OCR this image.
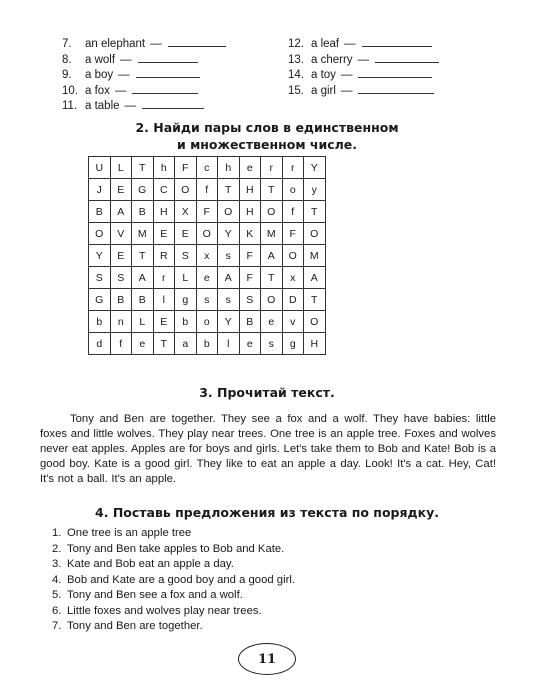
7.	an elephant —
8.	a wolf —
9.	a boy —
10. a fox —
11. a table —
12. a leaf —
13. a cherry —
14. a toy —
15. a girl —
2. Найди пары слов в единственном
и множественном числе.
U	L	T	h	F	c	h	e	r	r	Y
J	E	G	C	O	f	T	H	T	o	y
B	A	B	H	X	F	O	H	O	f	T
O	V	M	E	E	O	Y	K	M	F	O
Y	E	T	R	S	x	s	F	A	O	M
S	S	A	r	L	e	A	F	T	x	A
G	B	B	l	g	s	s	S	O	D	T
b	n	L	E	b	o	Y	B	e	v	O
d	f	e	T	a	b	l	e	s	g	H
3. Прочитай текст.
Tony and Ben are together. They see a fox and a wolf. They have babies: little foxes and little wolves. They play near trees. One tree is an apple tree. Foxes and wolves never eat apples. Apples are for boys and girls. Let's take them to Bob and Kate! Bob is a good boy. Kate is a good girl. They like to eat an apple a day. Look! It's a cat. Hey, Cat! It's not a ball. It's an apple.
4. Поставь предложения из текста по порядку.
1. One tree is an apple tree
2. Tony and Ben take apples to Bob and Kate.
3. Kate and Bob eat an apple a day.
4. Bob and Kate are a good boy and a good girl.
5. Tony and Ben see a fox and a wolf.
6. Little foxes and wolves play near trees.
7. Tony and Ben are together.
11
